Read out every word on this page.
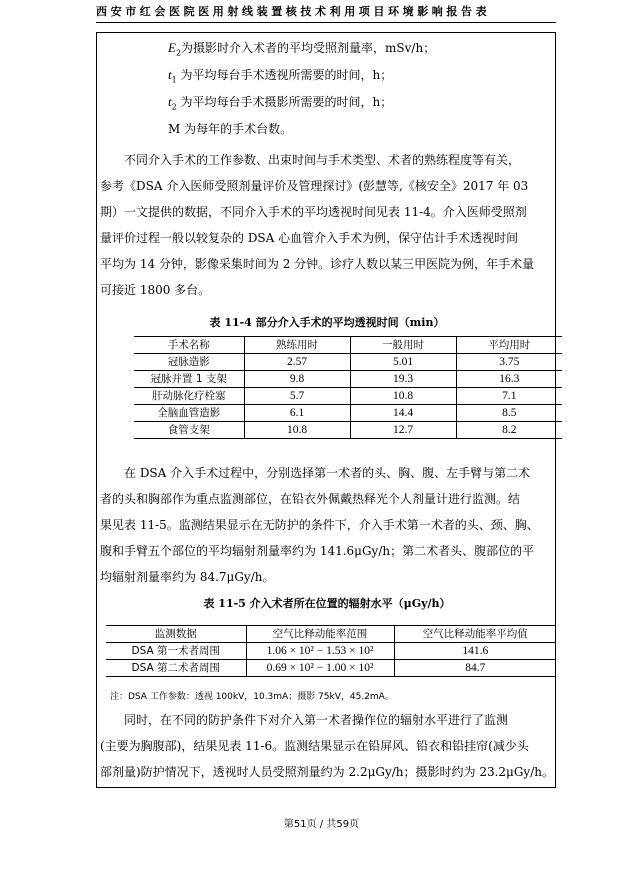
西安市红会医院医用射线装置核技术利用项目环境影响报告表
$E_2$为摄影时介入术者的平均受照剂量率，mSv/h；
$t_1$ 为平均每台手术透视所需要的时间，h；
$t_2$ 为平均每台手术摄影所需要的时间，h；
M 为每年的手术台数。
　　不同介入手术的工作参数、出束时间与手术类型、术者的熟练程度等有关，
参考《DSA 介入医师受照剂量评价及管理探讨》(彭慧等,《核安全》2017 年 03
期）一文提供的数据，不同介入手术的平均透视时间见表 11-4。介入医师受照剂
量评价过程一般以较复杂的 DSA 心血管介入手术为例，保守估计手术透视时间
平均为 14 分钟，影像采集时间为 2 分钟。诊疗人数以某三甲医院为例，年手术量
可接近 1800 多台。
表 11-4 部分介入手术的平均透视时间（min）
手术名称	熟练用时	一般用时	平均用时
冠脉造影	2.57	5.01	3.75
冠脉并置 1 支架	9.8	19.3	16.3
肝动脉化疗栓塞	5.7	10.8	7.1
全脑血管造影	6.1	14.4	8.5
食管支架	10.8	12.7	8.2
　　在 DSA 介入手术过程中，分别选择第一术者的头、胸、腹、左手臂与第二术
者的头和胸部作为重点监测部位，在铅衣外佩戴热释光个人剂量计进行监测。结
果见表 11-5。监测结果显示在无防护的条件下，介入手术第一术者的头、颈、胸、
腹和手臂五个部位的平均辐射剂量率约为 141.6μGy/h；第二术者头、腹部位的平
均辐射剂量率约为 84.7μGy/h。
表 11-5 介入术者所在位置的辐射水平（μGy/h）
监测数据	空气比释动能率范围	空气比释动能率平均值
DSA 第一术者周围	1.06 × 10² − 1.53 × 10²	141.6
DSA 第二术者周围	0.69 × 10² − 1.00 × 10²	84.7
注：DSA 工作参数：透视 100kV，10.3mA；摄影 75kV，45.2mA。
　　同时，在不同的防护条件下对介入第一术者操作位的辐射水平进行了监测
(主要为胸腹部)，结果见表 11-6。监测结果显示在铅屏风、铅衣和铅挂帘(减少头
部剂量)防护情况下，透视时人员受照剂量约为 2.2μGy/h；摄影时约为 23.2μGy/h。
第51页 / 共59页
